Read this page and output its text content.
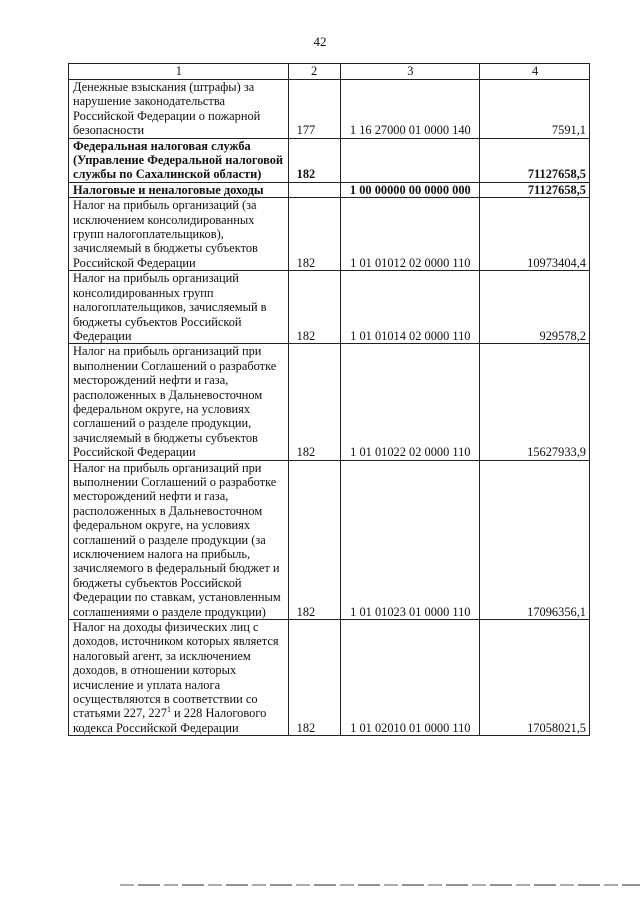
42
1	2	3	4
Денежные взыскания (штрафы) за нарушение законодательства Российской Федерации о пожарной безопасности	177	1 16 27000 01 0000 140	7591,1
Федеральная налоговая служба (Управление Федеральной налоговой службы по Сахалинской области)	182		71127658,5
Налоговые и неналоговые доходы		1 00 00000 00 0000 000	71127658,5
Налог на прибыль организаций (за исключением консолидированных групп налогоплательщиков), зачисляемый в бюджеты субъектов Российской Федерации	182	1 01 01012 02 0000 110	10973404,4
Налог на прибыль организаций консолидированных групп налогоплательщиков, зачисляемый в бюджеты субъектов Российской Федерации	182	1 01 01014 02 0000 110	929578,2
Налог на прибыль организаций при выполнении Соглашений о разработке месторождений нефти и газа, расположенных в Дальневосточном федеральном округе, на условиях соглашений о разделе продукции, зачисляемый в бюджеты субъектов Российской Федерации	182	1 01 01022 02 0000 110	15627933,9
Налог на прибыль организаций при выполнении Соглашений о разработке месторождений нефти и газа, расположенных в Дальневосточном федеральном округе, на условиях соглашений о разделе продукции (за исключением налога на прибыль, зачисляемого в федеральный бюджет и бюджеты субъектов Российской Федерации по ставкам, установленным соглашениями о разделе продукции)	182	1 01 01023 01 0000 110	17096356,1
Налог на доходы физических лиц с доходов, источником которых является налоговый агент, за исключением доходов, в отношении которых исчисление и уплата налога осуществляются в соответствии со статьями 227, $227^1$ и 228 Налогового кодекса Российской Федерации	182	1 01 02010 01 0000 110	17058021,5
